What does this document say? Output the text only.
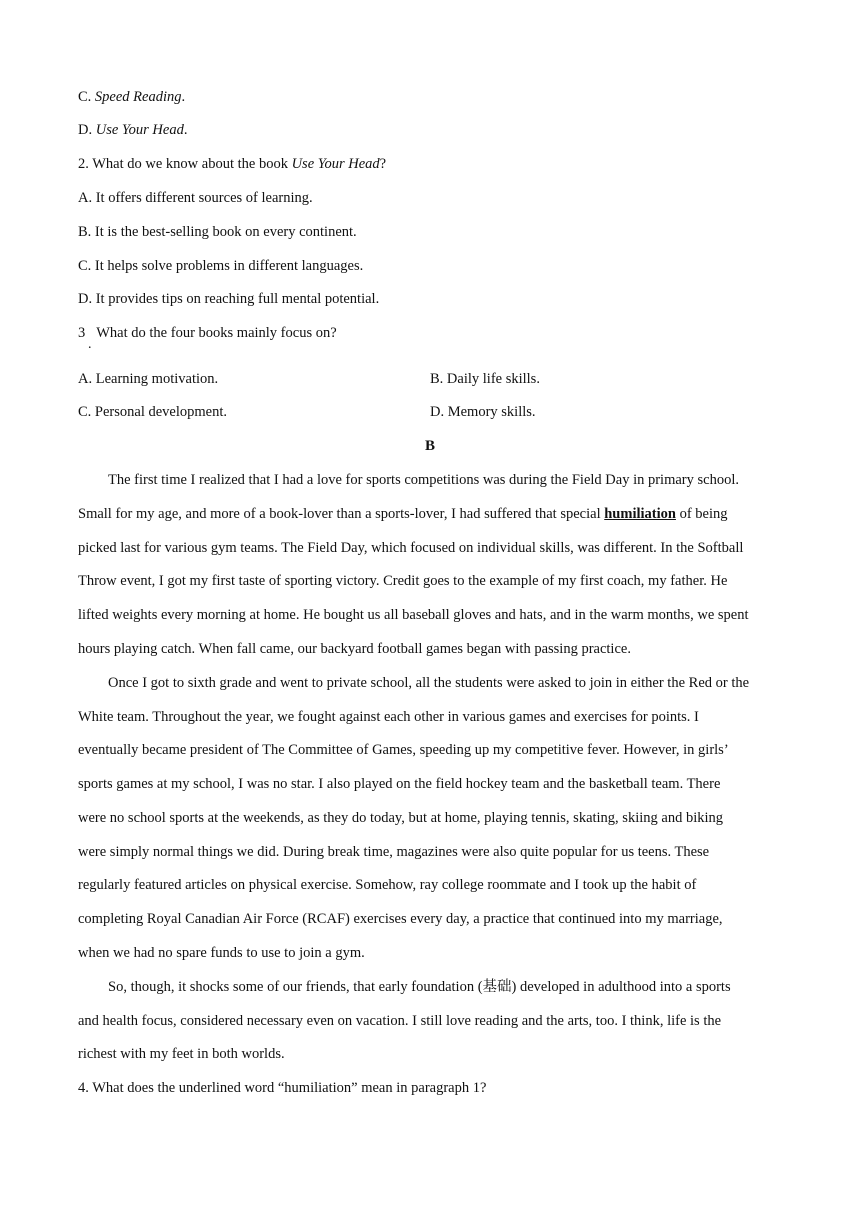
C. Speed Reading.
D. Use Your Head.
2. What do we know about the book Use Your Head?
A. It offers different sources of learning.
B. It is the best-selling book on every continent.
C. It helps solve problems in different languages.
D. It provides tips on reaching full mental potential.
3 What do the four books mainly focus on?
.
A. Learning motivation.	B. Daily life skills.
C. Personal development.	D. Memory skills.
B
The first time I realized that I had a love for sports competitions was during the Field Day in primary school.
Small for my age, and more of a book-lover than a sports-lover, I had suffered that special humiliation of being
picked last for various gym teams. The Field Day, which focused on individual skills, was different. In the Softball
Throw event, I got my first taste of sporting victory. Credit goes to the example of my first coach, my father. He
lifted weights every morning at home. He bought us all baseball gloves and hats, and in the warm months, we spent
hours playing catch. When fall came, our backyard football games began with passing practice.
Once I got to sixth grade and went to private school, all the students were asked to join in either the Red or the
White team. Throughout the year, we fought against each other in various games and exercises for points. I
eventually became president of The Committee of Games, speeding up my competitive fever. However, in girls’
sports games at my school, I was no star. I also played on the field hockey team and the basketball team. There
were no school sports at the weekends, as they do today, but at home, playing tennis, skating, skiing and biking
were simply normal things we did. During break time, magazines were also quite popular for us teens. These
regularly featured articles on physical exercise. Somehow, ray college roommate and I took up the habit of
completing Royal Canadian Air Force (RCAF) exercises every day, a practice that continued into my marriage,
when we had no spare funds to use to join a gym.
So, though, it shocks some of our friends, that early foundation (基础) developed in adulthood into a sports
and health focus, considered necessary even on vacation. I still love reading and the arts, too. I think, life is the
richest with my feet in both worlds.
4. What does the underlined word “humiliation” mean in paragraph 1?
